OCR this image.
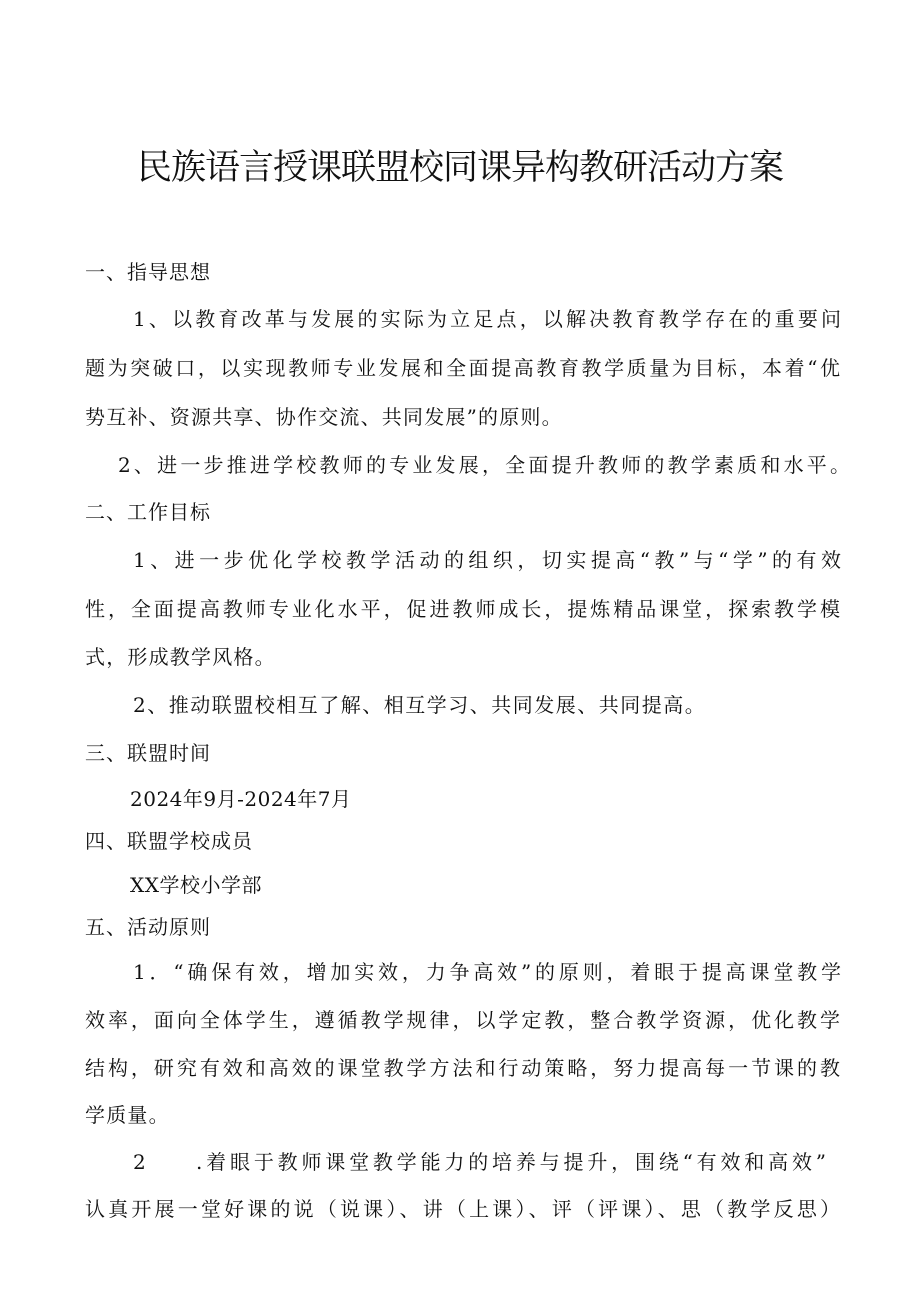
民族语言授课联盟校同课异构教研活动方案

一、指导思想

1、以教育改革与发展的实际为立足点，以解决教育教学存在的重要问

题为突破口，以实现教师专业发展和全面提高教育教学质量为目标，本着“优

势互补、资源共享、协作交流、共同发展”的原则。

2、进一步推进学校教师的专业发展，全面提升教师的教学素质和水平。

二、工作目标

1、进一步优化学校教学活动的组织，切实提高“教”与“学”的有效

性，全面提高教师专业化水平，促进教师成长，提炼精品课堂，探索教学模

式，形成教学风格。

2、推动联盟校相互了解、相互学习、共同发展、共同提高。

三、联盟时间

2024年9月-2024年7月

四、联盟学校成员

XX学校小学部

五、活动原则

1．“确保有效，增加实效，力争高效”的原则，着眼于提高课堂教学

效率，面向全体学生，遵循教学规律，以学定教，整合教学资源，优化教学

结构，研究有效和高效的课堂教学方法和行动策略，努力提高每一节课的教

学质量。

2	.着眼于教师课堂教学能力的培养与提升，围绕“有效和高效”

认真开展一堂好课的说（说课）、讲（上课）、评（评课）、思（教学反思）
